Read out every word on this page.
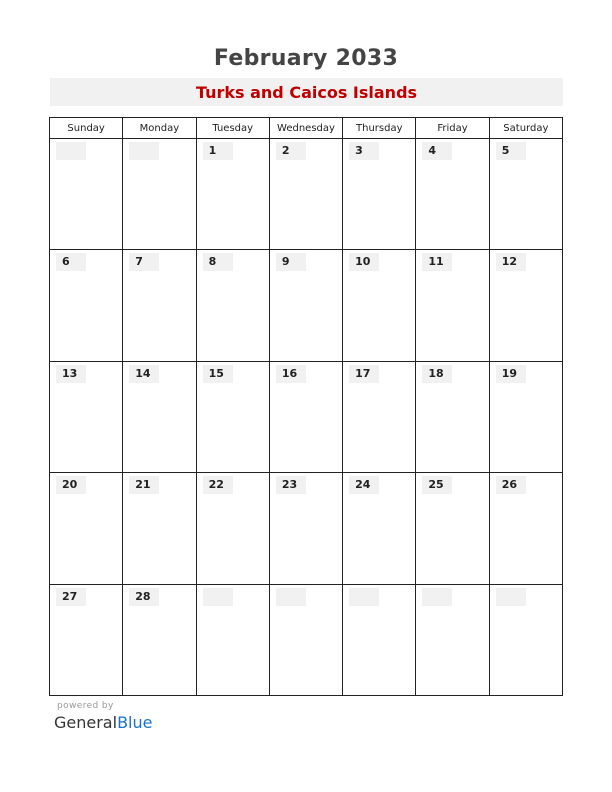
February 2033
Turks and Caicos Islands
Sunday	Monday	Tuesday	Wednesday	Thursday	Friday	Saturday

		1	2	3	4	5

6	7	8	9	10	11	12

13	14	15	16	17	18	19

20	21	22	23	24	25	26

27	28					

powered by
GeneralBlue
